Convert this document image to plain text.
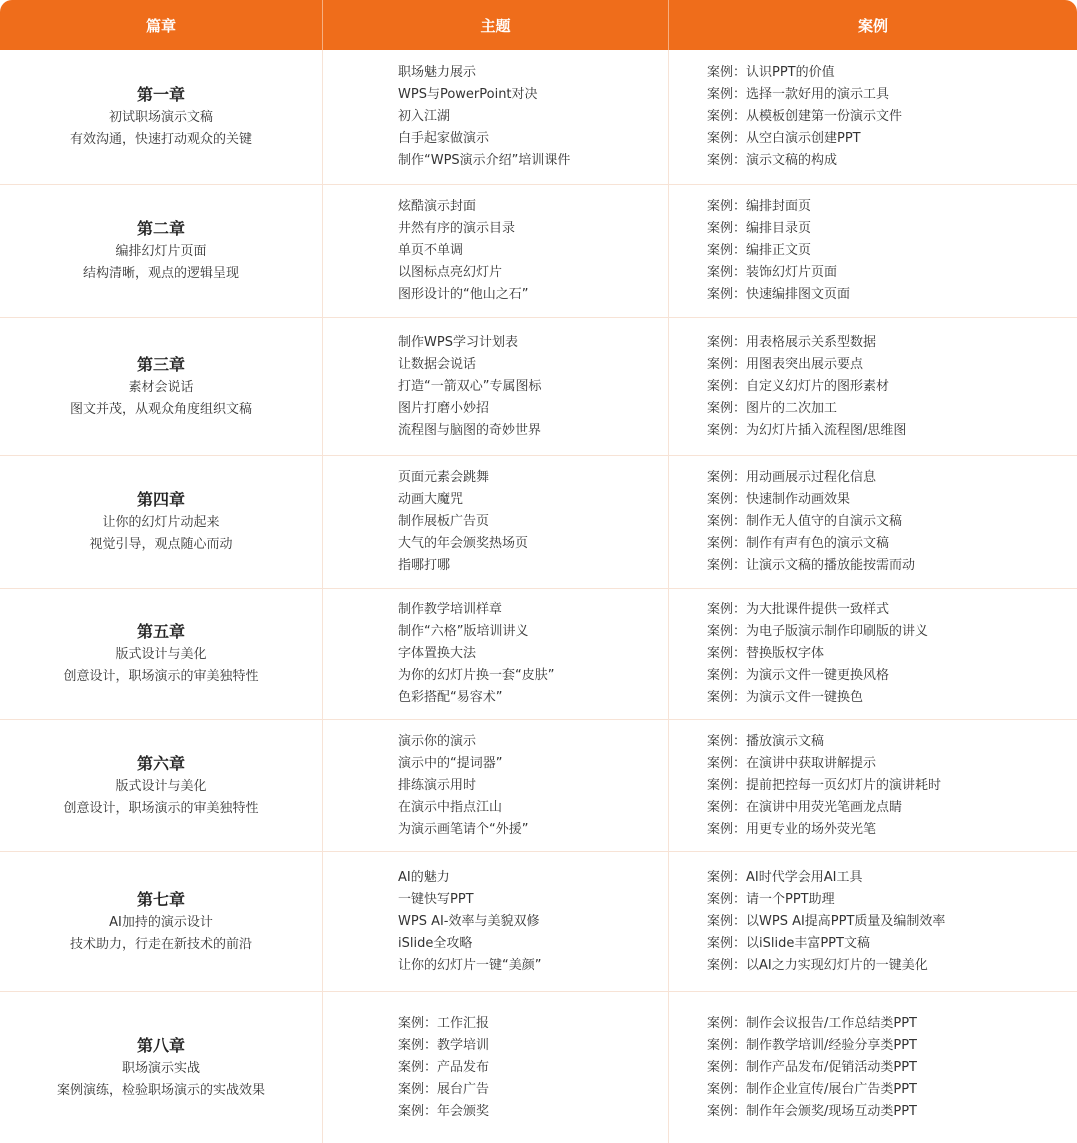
篇章	主题	案例
第一章
初试职场演示文稿
有效沟通，快速打动观众的关键
职场魅力展示
WPS与PowerPoint对决
初入江湖
白手起家做演示
制作“WPS演示介绍”培训课件
案例：认识PPT的价值
案例：选择一款好用的演示工具
案例：从模板创建第一份演示文件
案例：从空白演示创建PPT
案例：演示文稿的构成
第二章
编排幻灯片页面
结构清晰，观点的逻辑呈现
炫酷演示封面
井然有序的演示目录
单页不单调
以图标点亮幻灯片
图形设计的“他山之石”
案例：编排封面页
案例：编排目录页
案例：编排正文页
案例：装饰幻灯片页面
案例：快速编排图文页面
第三章
素材会说话
图文并茂，从观众角度组织文稿
制作WPS学习计划表
让数据会说话
打造“一箭双心”专属图标
图片打磨小妙招
流程图与脑图的奇妙世界
案例：用表格展示关系型数据
案例：用图表突出展示要点
案例：自定义幻灯片的图形素材
案例：图片的二次加工
案例：为幻灯片插入流程图/思维图
第四章
让你的幻灯片动起来
视觉引导，观点随心而动
页面元素会跳舞
动画大魔咒
制作展板广告页
大气的年会颁奖热场页
指哪打哪
案例：用动画展示过程化信息
案例：快速制作动画效果
案例：制作无人值守的自演示文稿
案例：制作有声有色的演示文稿
案例：让演示文稿的播放能按需而动
第五章
版式设计与美化
创意设计，职场演示的审美独特性
制作教学培训样章
制作“六格”版培训讲义
字体置换大法
为你的幻灯片换一套“皮肤”
色彩搭配“易容术”
案例：为大批课件提供一致样式
案例：为电子版演示制作印刷版的讲义
案例：替换版权字体
案例：为演示文件一键更换风格
案例：为演示文件一键换色
第六章
版式设计与美化
创意设计，职场演示的审美独特性
演示你的演示
演示中的“提词器”
排练演示用时
在演示中指点江山
为演示画笔请个“外援”
案例：播放演示文稿
案例：在演讲中获取讲解提示
案例：提前把控每一页幻灯片的演讲耗时
案例：在演讲中用荧光笔画龙点睛
案例：用更专业的场外荧光笔
第七章
AI加持的演示设计
技术助力，行走在新技术的前沿
AI的魅力
一键快写PPT
WPS AI-效率与美貌双修
iSlide全攻略
让你的幻灯片一键“美颜”
案例：AI时代学会用AI工具
案例：请一个PPT助理
案例：以WPS AI提高PPT质量及编制效率
案例：以iSlide丰富PPT文稿
案例：以AI之力实现幻灯片的一键美化
第八章
职场演示实战
案例演练，检验职场演示的实战效果
案例：工作汇报
案例：教学培训
案例：产品发布
案例：展台广告
案例：年会颁奖
案例：制作会议报告/工作总结类PPT
案例：制作教学培训/经验分享类PPT
案例：制作产品发布/促销活动类PPT
案例：制作企业宣传/展台广告类PPT
案例：制作年会颁奖/现场互动类PPT
